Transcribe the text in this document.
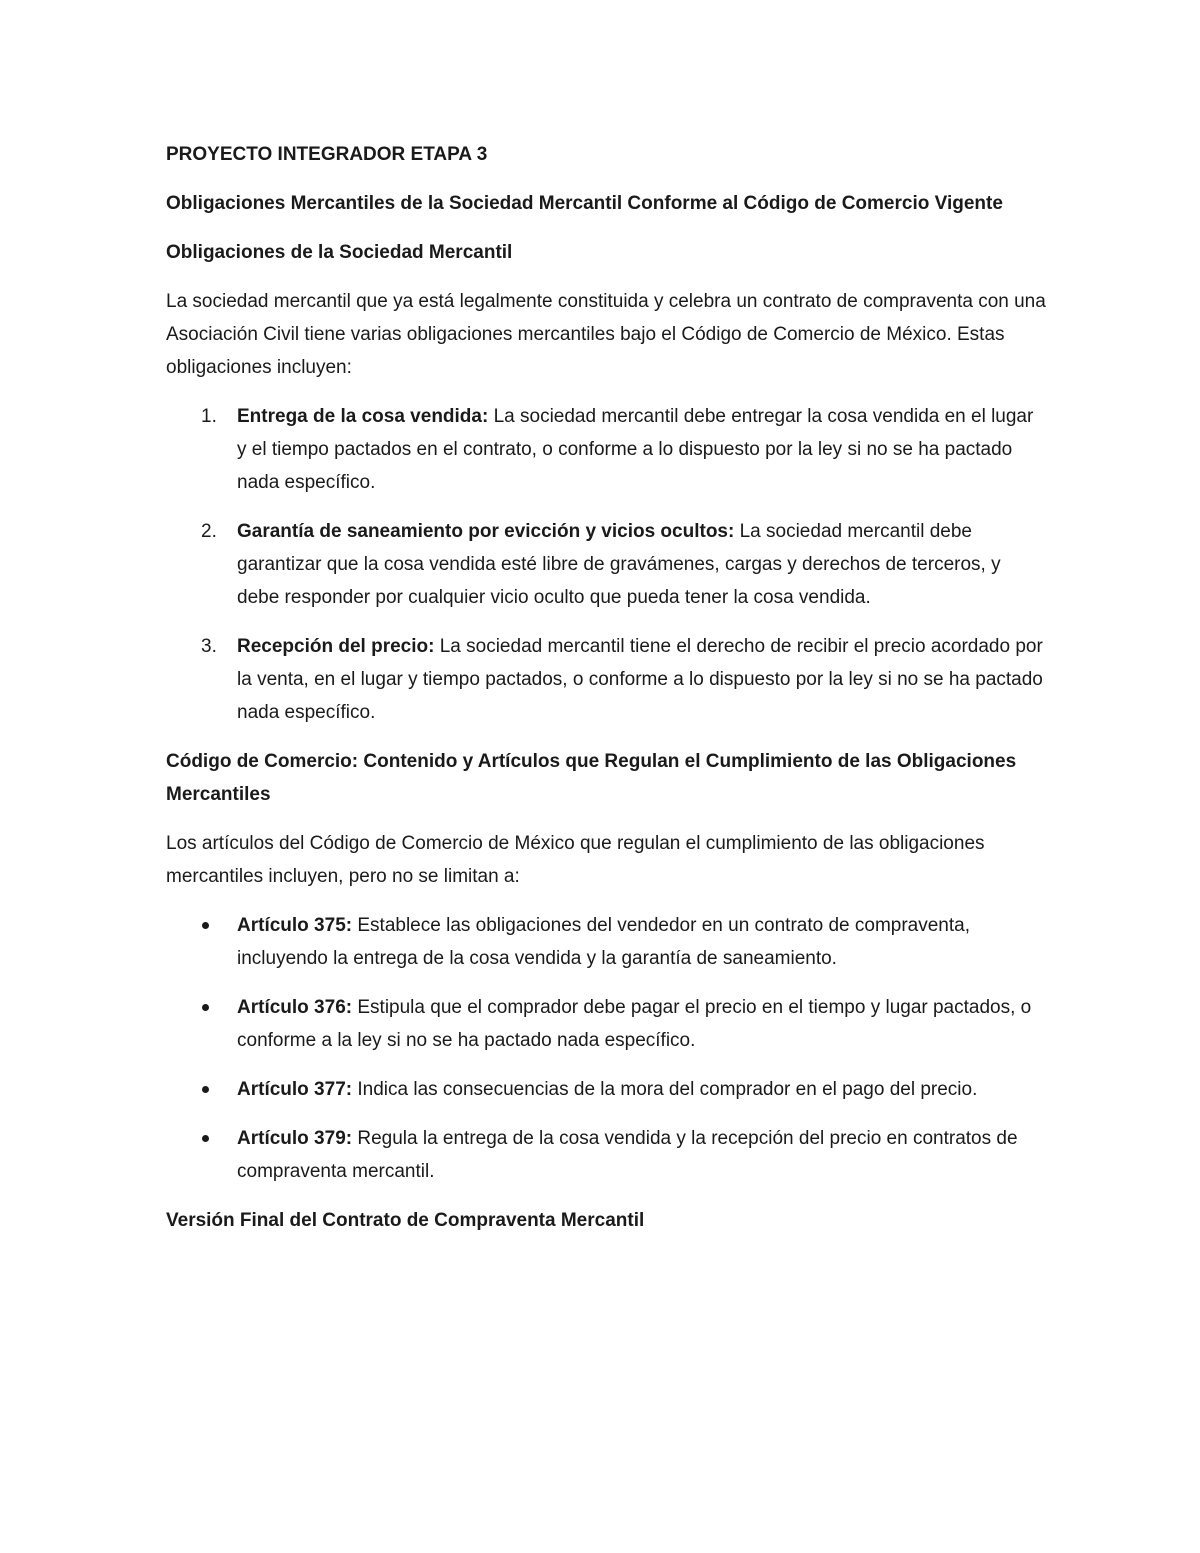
PROYECTO INTEGRADOR ETAPA 3
Obligaciones Mercantiles de la Sociedad Mercantil Conforme al Código de Comercio Vigente
Obligaciones de la Sociedad Mercantil
La sociedad mercantil que ya está legalmente constituida y celebra un contrato de compraventa con una Asociación Civil tiene varias obligaciones mercantiles bajo el Código de Comercio de México. Estas obligaciones incluyen:
1. Entrega de la cosa vendida: La sociedad mercantil debe entregar la cosa vendida en el lugar y el tiempo pactados en el contrato, o conforme a lo dispuesto por la ley si no se ha pactado nada específico.
2. Garantía de saneamiento por evicción y vicios ocultos: La sociedad mercantil debe garantizar que la cosa vendida esté libre de gravámenes, cargas y derechos de terceros, y debe responder por cualquier vicio oculto que pueda tener la cosa vendida.
3. Recepción del precio: La sociedad mercantil tiene el derecho de recibir el precio acordado por la venta, en el lugar y tiempo pactados, o conforme a lo dispuesto por la ley si no se ha pactado nada específico.
Código de Comercio: Contenido y Artículos que Regulan el Cumplimiento de las Obligaciones Mercantiles
Los artículos del Código de Comercio de México que regulan el cumplimiento de las obligaciones mercantiles incluyen, pero no se limitan a:
Artículo 375: Establece las obligaciones del vendedor en un contrato de compraventa, incluyendo la entrega de la cosa vendida y la garantía de saneamiento.
Artículo 376: Estipula que el comprador debe pagar el precio en el tiempo y lugar pactados, o conforme a la ley si no se ha pactado nada específico.
Artículo 377: Indica las consecuencias de la mora del comprador en el pago del precio.
Artículo 379: Regula la entrega de la cosa vendida y la recepción del precio en contratos de compraventa mercantil.
Versión Final del Contrato de Compraventa Mercantil
